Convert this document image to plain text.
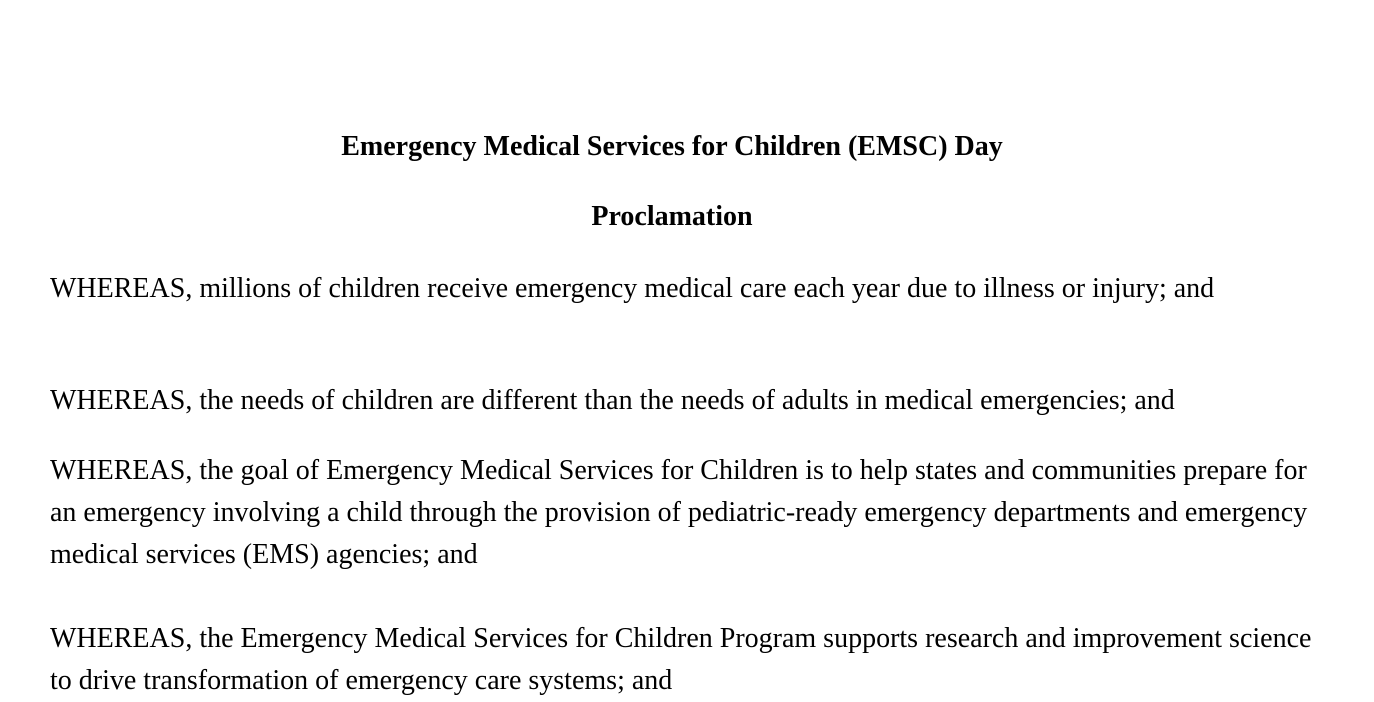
Emergency Medical Services for Children (EMSC) Day
Proclamation

WHEREAS, millions of children receive emergency medical care each year due to illness or injury; and

WHEREAS, the needs of children are different than the needs of adults in medical emergencies; and

WHEREAS, the goal of Emergency Medical Services for Children is to help states and communities prepare for an emergency involving a child through the provision of pediatric-ready emergency departments and emergency medical services (EMS) agencies; and

WHEREAS, the Emergency Medical Services for Children Program supports research and improvement science to drive transformation of emergency care systems; and
